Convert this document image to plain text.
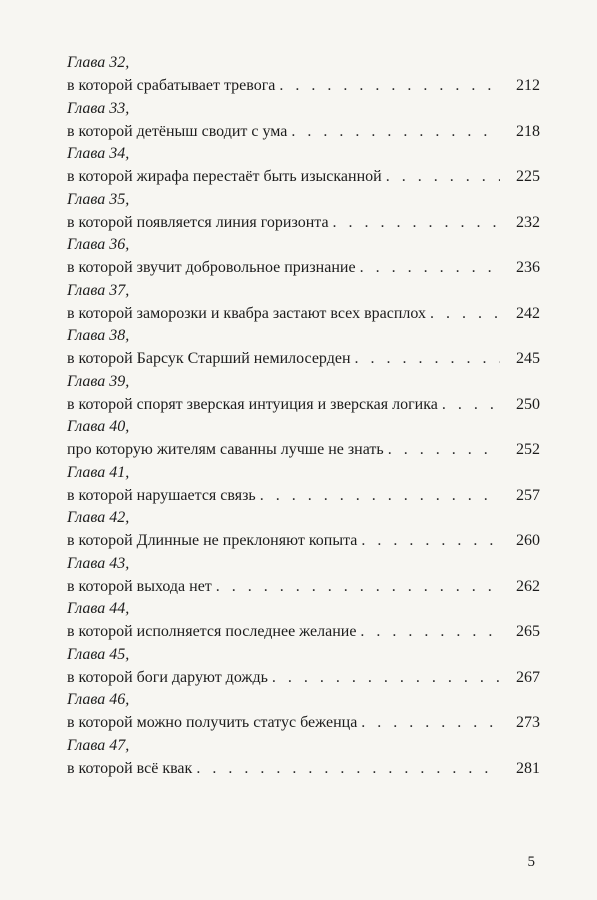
Глава 32,
в которой срабатывает тревога . . .	212
Глава 33,
в которой детёныш сводит с ума . . .	218
Глава 34,
в которой жирафа перестаёт быть изысканной . . .	225
Глава 35,
в которой появляется линия горизонта . . .	232
Глава 36,
в которой звучит добровольное признание . . .	236
Глава 37,
в которой заморозки и квабра застают всех врасплох . . .	242
Глава 38,
в которой Барсук Старший немилосерден . . .	245
Глава 39,
в которой спорят зверская интуиция и зверская логика . . .	250
Глава 40,
про которую жителям саванны лучше не знать . . .	252
Глава 41,
в которой нарушается связь . . .	257
Глава 42,
в которой Длинные не преклоняют копыта . . .	260
Глава 43,
в которой выхода нет . . .	262
Глава 44,
в которой исполняется последнее желание . . .	265
Глава 45,
в которой боги даруют дождь . . .	267
Глава 46,
в которой можно получить статус беженца . . .	273
Глава 47,
в которой всё квак . . .	281
5
